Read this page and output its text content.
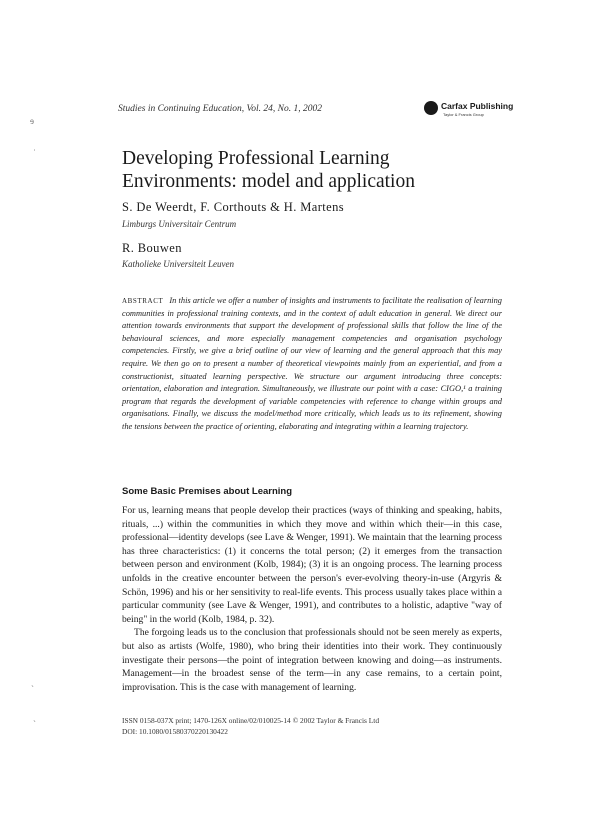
ɘ
˙
ˎ
ˎ
Studies in Continuing Education, Vol. 24, No. 1, 2002	Carfax Publishing
Taylor & Francis Group
Developing Professional Learning
Environments: model and application
S. De Weerdt, F. Corthouts & H. Martens
Limburgs Universitair Centrum
R. Bouwen
Katholieke Universiteit Leuven
ABSTRACT In this article we offer a number of insights and instruments to facilitate the realisation of learning communities in professional training contexts, and in the context of adult education in general. We direct our attention towards environments that support the development of professional skills that follow the line of the behavioural sciences, and more especially management competencies and organisation psychology competencies. Firstly, we give a brief outline of our view of learning and the general approach that this may require. We then go on to present a number of theoretical viewpoints mainly from an experiential, and from a constructionist, situated learning perspective. We structure our argument introducing three concepts: orientation, elaboration and integration. Simultaneously, we illustrate our point with a case: CIGO,¹ a training program that regards the development of variable competencies with reference to change within groups and organisations. Finally, we discuss the model/method more critically, which leads us to its refinement, showing the tensions between the practice of orienting, elaborating and integrating within a learning trajectory.
Some Basic Premises about Learning

For us, learning means that people develop their practices (ways of thinking and speaking, habits, rituals, ...) within the communities in which they move and within which their—in this case, professional—identity develops (see Lave & Wenger, 1991). We maintain that the learning process has three characteristics: (1) it concerns the total person; (2) it emerges from the transaction between person and environment (Kolb, 1984); (3) it is an ongoing process. The learning process unfolds in the creative encounter between the person's ever-evolving theory-in-use (Argyris & Schön, 1996) and his or her sensitivity to real-life events. This process usually takes place within a particular community (see Lave & Wenger, 1991), and contributes to a holistic, adaptive "way of being" in the world (Kolb, 1984, p. 32).

The forgoing leads us to the conclusion that professionals should not be seen merely as experts, but also as artists (Wolfe, 1980), who bring their identities into their work. They continuously investigate their persons—the point of integration between knowing and doing—as instruments. Management—in the broadest sense of the term—in any case remains, to a certain point, improvisation. This is the case with management of learning.

ISSN 0158-037X print; 1470-126X online/02/010025-14 © 2002 Taylor & Francis Ltd
DOI: 10.1080/01580370220130422
